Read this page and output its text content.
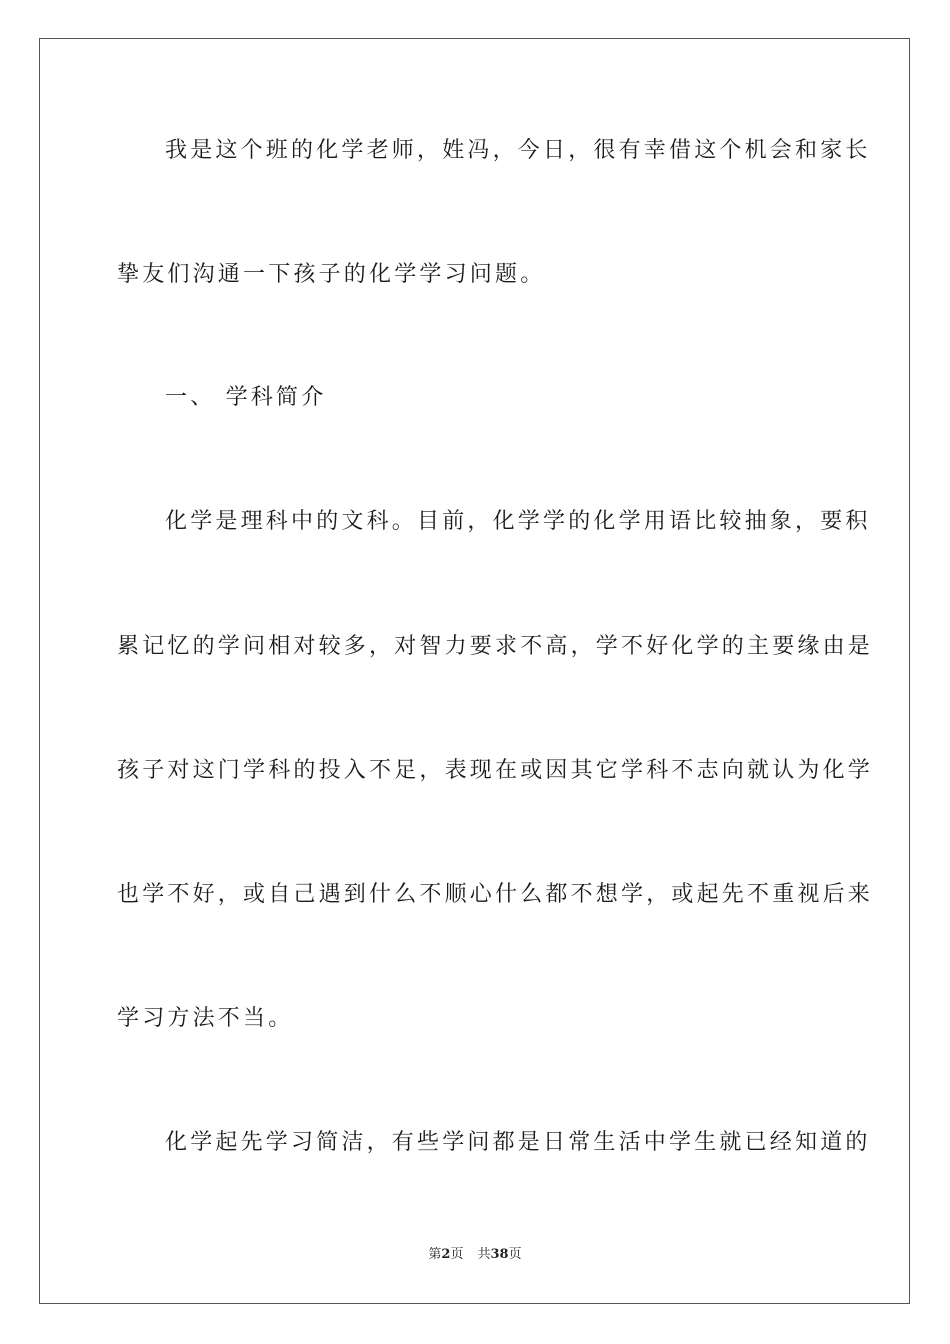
我是这个班的化学老师，姓冯，今日，很有幸借这个机会和家长
挚友们沟通一下孩子的化学学习问题。
一、 学科简介
化学是理科中的文科。目前，化学学的化学用语比较抽象，要积
累记忆的学问相对较多，对智力要求不高，学不好化学的主要缘由是
孩子对这门学科的投入不足，表现在或因其它学科不志向就认为化学
也学不好，或自己遇到什么不顺心什么都不想学，或起先不重视后来
学习方法不当。
化学起先学习简洁，有些学问都是日常生活中学生就已经知道的
第2页 共38页
